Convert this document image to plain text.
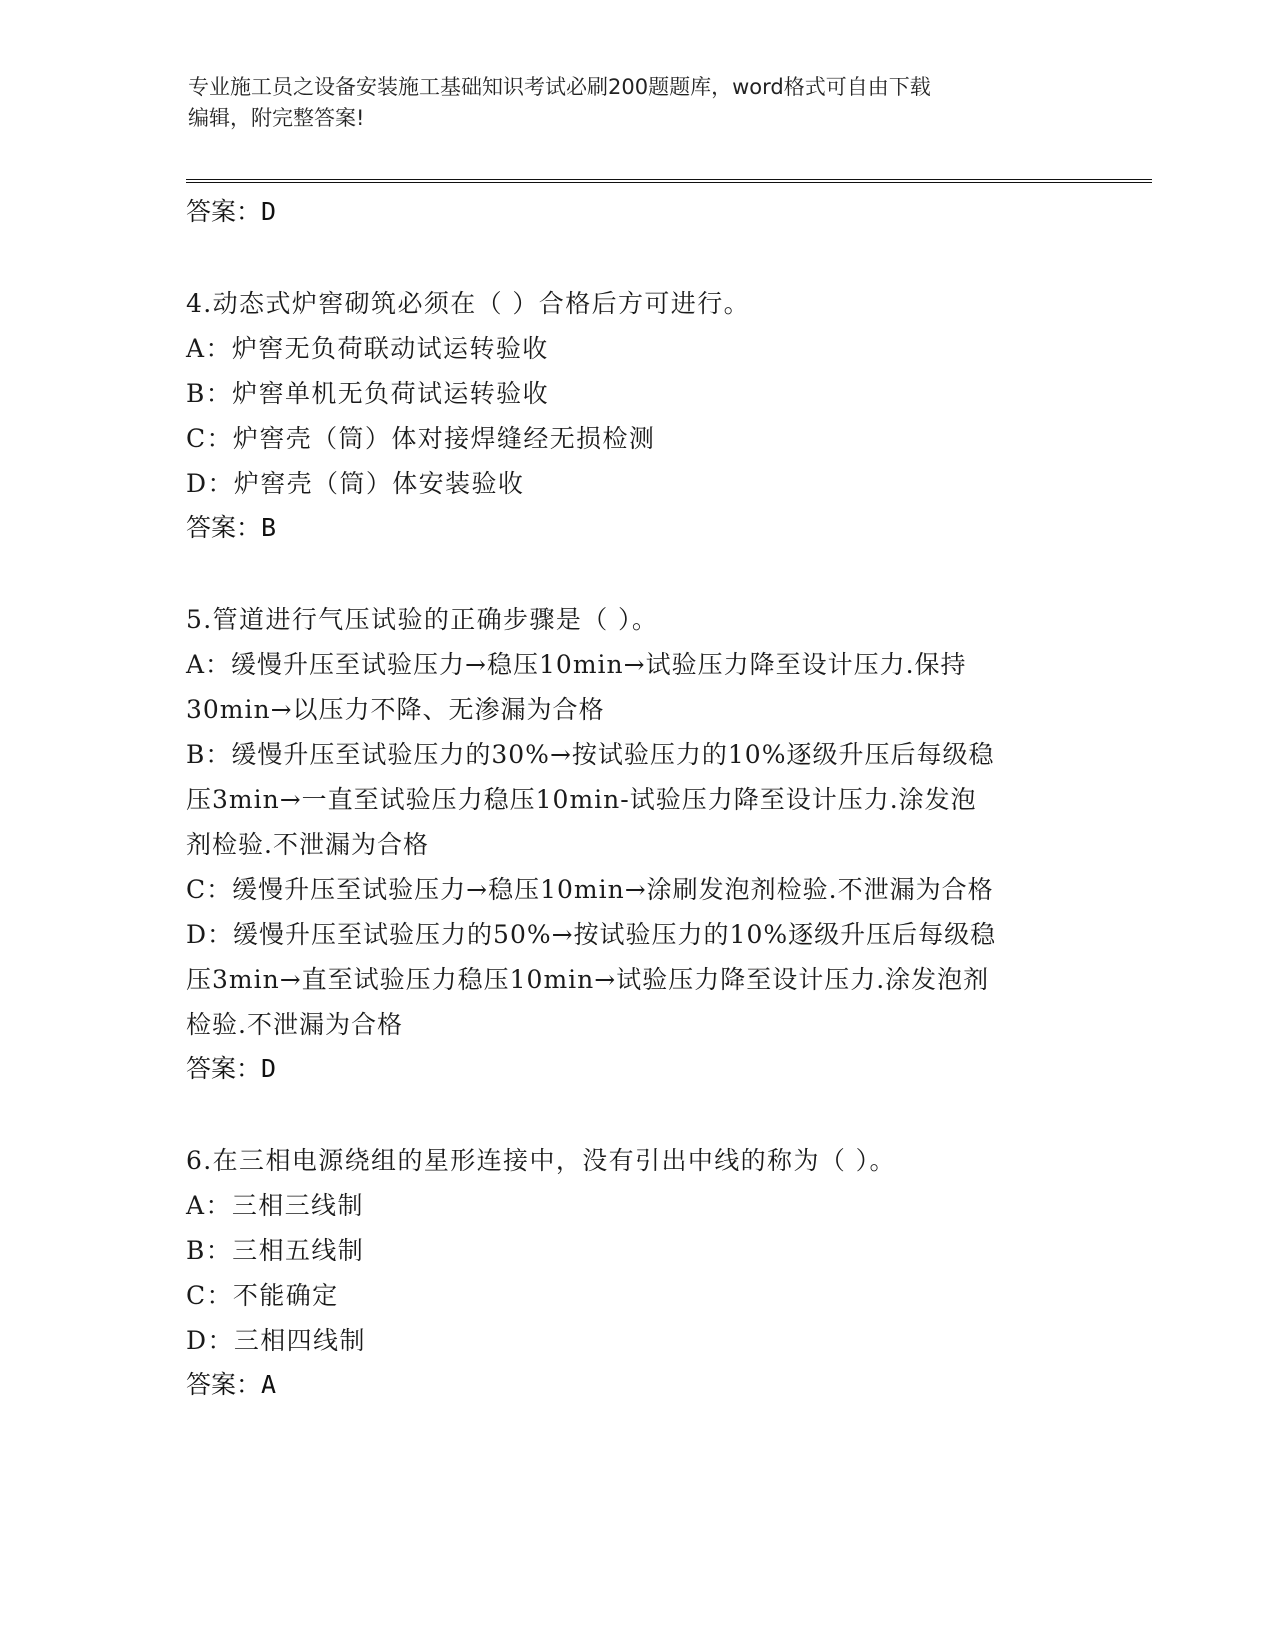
专业施工员之设备安装施工基础知识考试必刷200题题库，word格式可自由下载
编辑，附完整答案!
答案：D
4.动态式炉窖砌筑必须在（ ）合格后方可进行。
A：炉窖无负荷联动试运转验收
B：炉窖单机无负荷试运转验收
C：炉窖壳（筒）体对接焊缝经无损检测
D：炉窖壳（筒）体安装验收
答案：B
5.管道进行气压试验的正确步骤是（ ）。
A：缓慢升压至试验压力→稳压10min→试验压力降至设计压力.保持
30min→以压力不降、无渗漏为合格
B：缓慢升压至试验压力的30%→按试验压力的10%逐级升压后每级稳
压3min→一直至试验压力稳压10min-试验压力降至设计压力.涂发泡
剂检验.不泄漏为合格
C：缓慢升压至试验压力→稳压10min→涂刷发泡剂检验.不泄漏为合格
D：缓慢升压至试验压力的50%→按试验压力的10%逐级升压后每级稳
压3min→直至试验压力稳压10min→试验压力降至设计压力.涂发泡剂
检验.不泄漏为合格
答案：D
6.在三相电源绕组的星形连接中，没有引出中线的称为（ ）。
A：三相三线制
B：三相五线制
C：不能确定
D：三相四线制
答案：A
